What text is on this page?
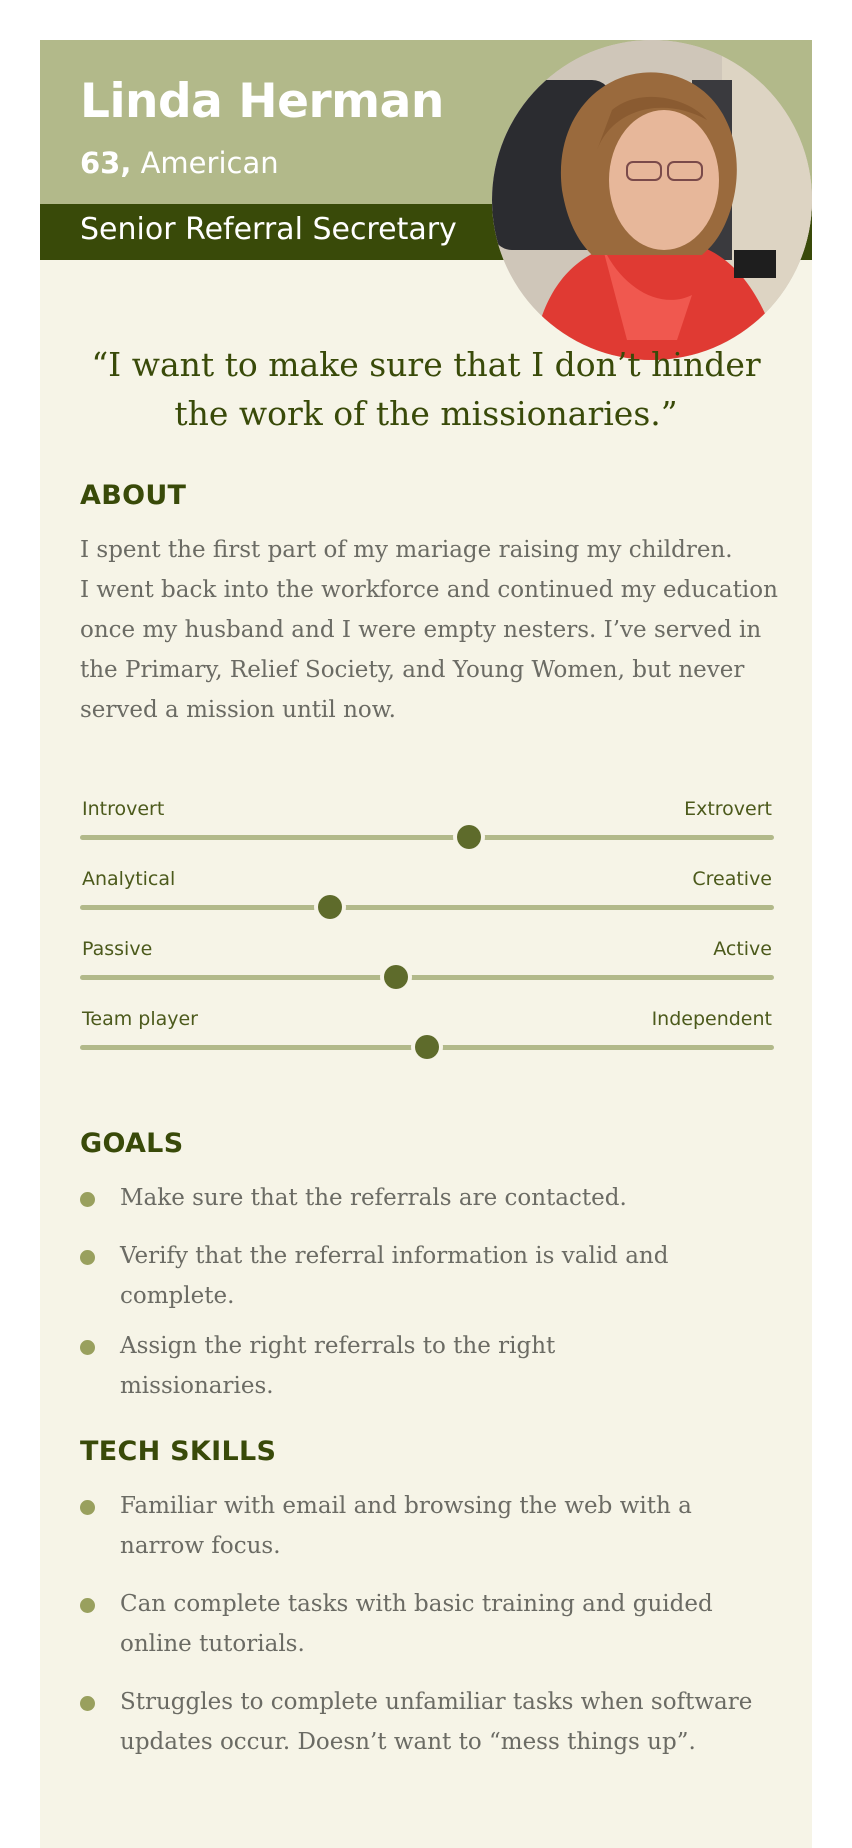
Linda Herman
63, American
Senior Referral Secretary
“I want to make sure that I don’t hinder the work of the missionaries.”
ABOUT

I spent the first part of my mariage raising my children.

I went back into the workforce and continued my education once my husband and I were empty nesters. I’ve served in the Primary, Relief Society, and Young Women, but never served a mission until now.

Introvert	Extrovert
Analytical	Creative
Passive	Active
Team player	Independent
GOALS
Make sure that the referrals are contacted.
Verify that the referral information is valid and complete.
Assign the right referrals to the right missionaries.
TECH SKILLS
Familiar with email and browsing the web with a narrow focus.
Can complete tasks with basic training and guided online tutorials.
Struggles to complete unfamiliar tasks when software updates occur. Doesn’t want to “mess things up”.
